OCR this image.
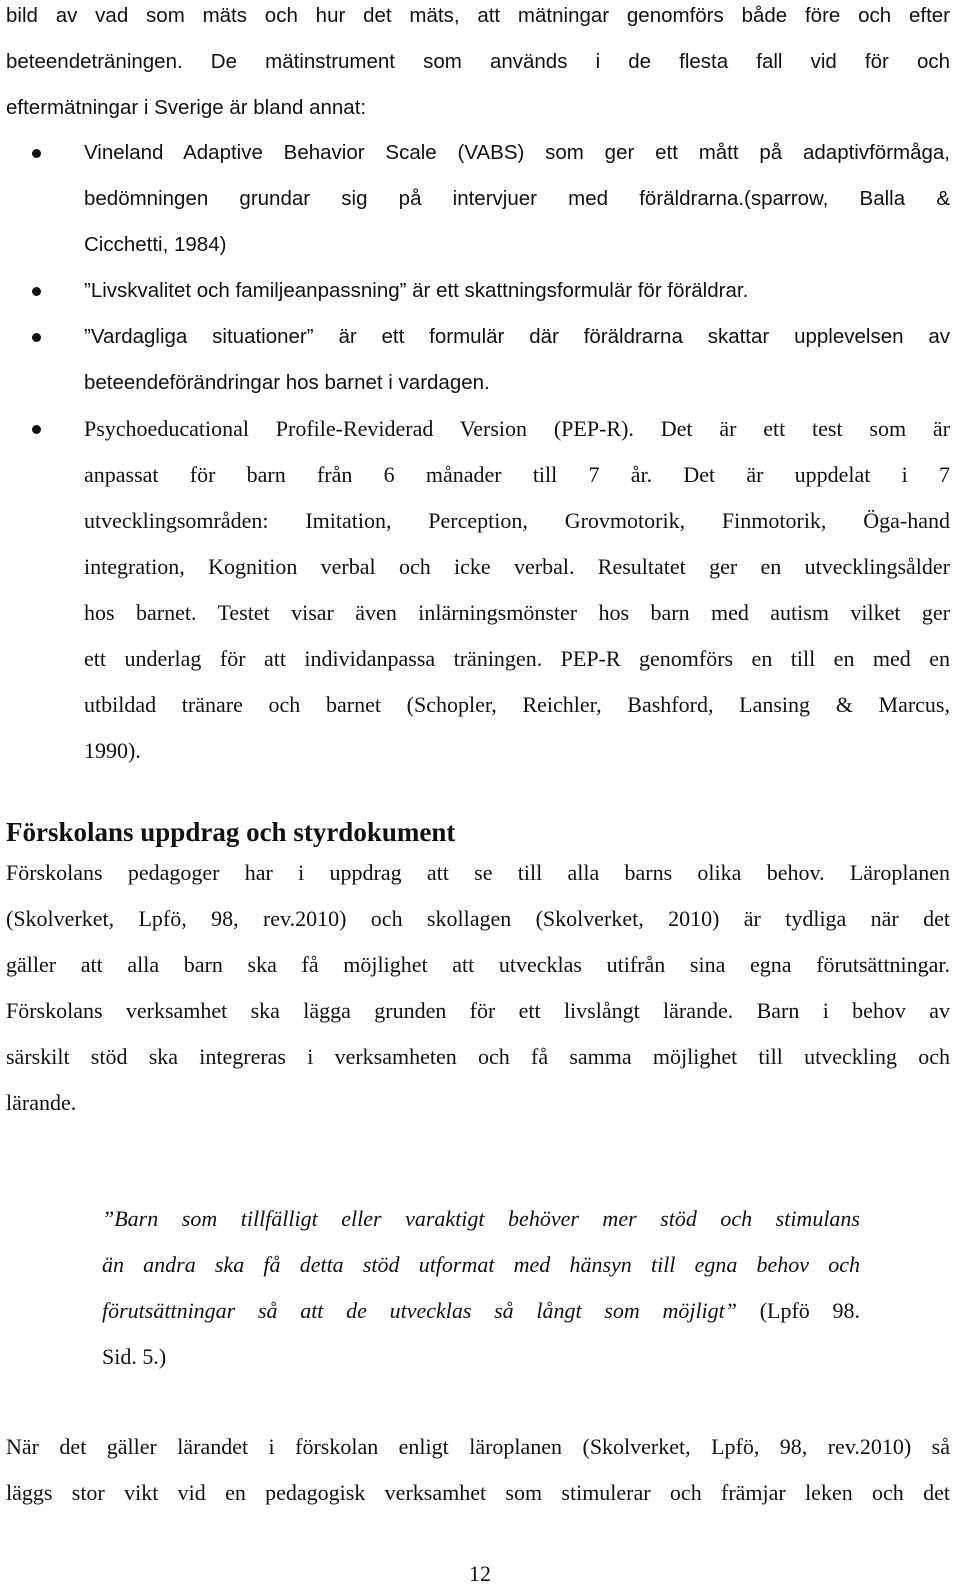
bild av vad som mäts och hur det mäts, att mätningar genomförs både före och efter
beteendeträningen. De mätinstrument som används i de flesta fall vid för och
eftermätningar i Sverige är bland annat:
Vineland Adaptive Behavior Scale (VABS) som ger ett mått på adaptivförmåga,
bedömningen grundar sig på intervjuer med föräldrarna.(sparrow, Balla &
Cicchetti, 1984)
”Livskvalitet och familjeanpassning” är ett skattningsformulär för föräldrar.
”Vardagliga situationer” är ett formulär där föräldrarna skattar upplevelsen av
beteendeförändringar hos barnet i vardagen.
Psychoeducational Profile-Reviderad Version (PEP-R). Det är ett test som är
anpassat för barn från 6 månader till 7 år. Det är uppdelat i 7
utvecklingsområden: Imitation, Perception, Grovmotorik, Finmotorik, Öga-hand
integration, Kognition verbal och icke verbal. Resultatet ger en utvecklingsålder
hos barnet. Testet visar även inlärningsmönster hos barn med autism vilket ger
ett underlag för att individanpassa träningen. PEP-R genomförs en till en med en
utbildad tränare och barnet (Schopler, Reichler, Bashford, Lansing & Marcus,
1990).
Förskolans uppdrag och styrdokument
Förskolans pedagoger har i uppdrag att se till alla barns olika behov. Läroplanen
(Skolverket, Lpfö, 98, rev.2010) och skollagen (Skolverket, 2010) är tydliga när det
gäller att alla barn ska få möjlighet att utvecklas utifrån sina egna förutsättningar.
Förskolans verksamhet ska lägga grunden för ett livslångt lärande. Barn i behov av
särskilt stöd ska integreras i verksamheten och få samma möjlighet till utveckling och
lärande.
”Barn som tillfälligt eller varaktigt behöver mer stöd och stimulans
än andra ska få detta stöd utformat med hänsyn till egna behov och
förutsättningar så att de utvecklas så långt som möjligt” (Lpfö 98.
Sid. 5.)
När det gäller lärandet i förskolan enligt läroplanen (Skolverket, Lpfö, 98, rev.2010) så
läggs stor vikt vid en pedagogisk verksamhet som stimulerar och främjar leken och det
12
